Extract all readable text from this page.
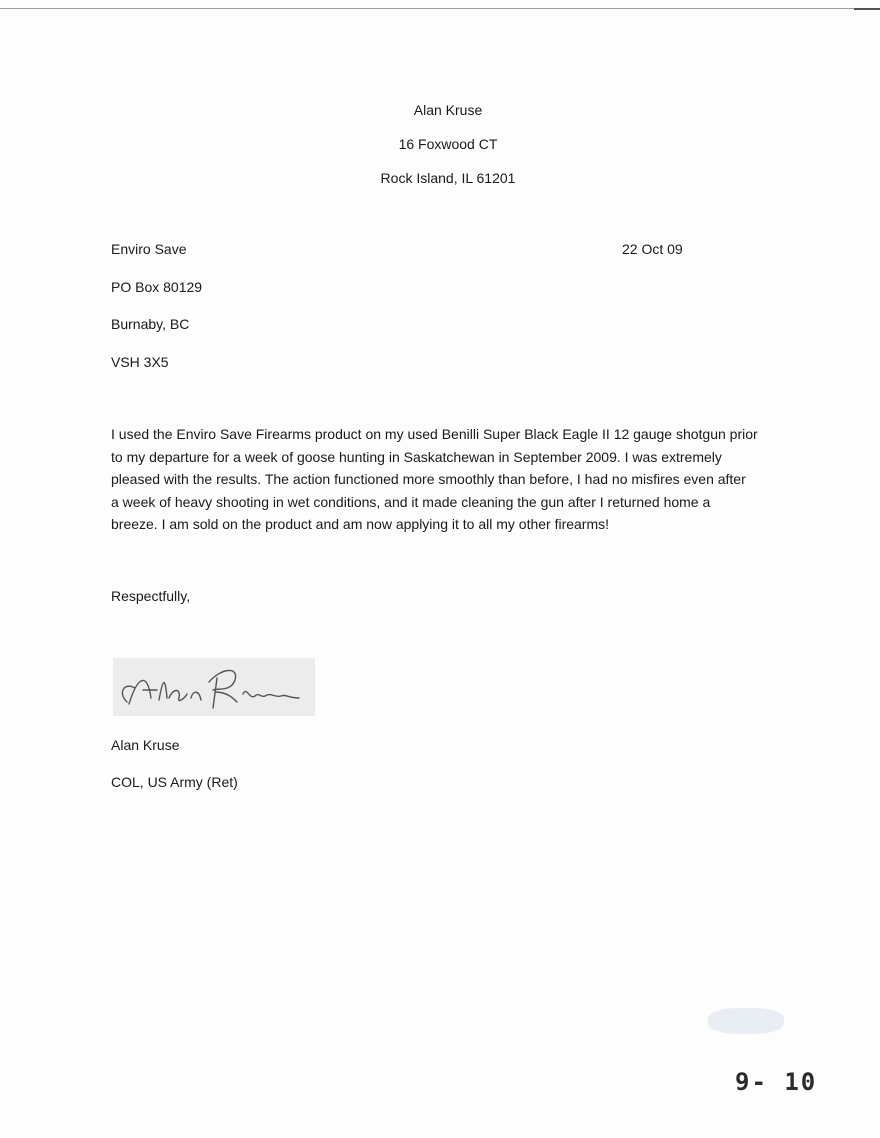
Alan Kruse
16 Foxwood CT
Rock Island, IL 61201
Enviro Save
PO Box 80129
Burnaby, BC
VSH 3X5
22 Oct 09
I used the Enviro Save Firearms product on my used Benilli Super Black Eagle II 12 gauge shotgun prior
to my departure for a week of goose hunting in Saskatchewan in September 2009. I was extremely
pleased with the results. The action functioned more smoothly than before, I had no misfires even after
a week of heavy shooting in wet conditions, and it made cleaning the gun after I returned home a
breeze. I am sold on the product and am now applying it to all my other firearms!
Respectfully,
Alan Kruse
COL, US Army (Ret)
9- 10
